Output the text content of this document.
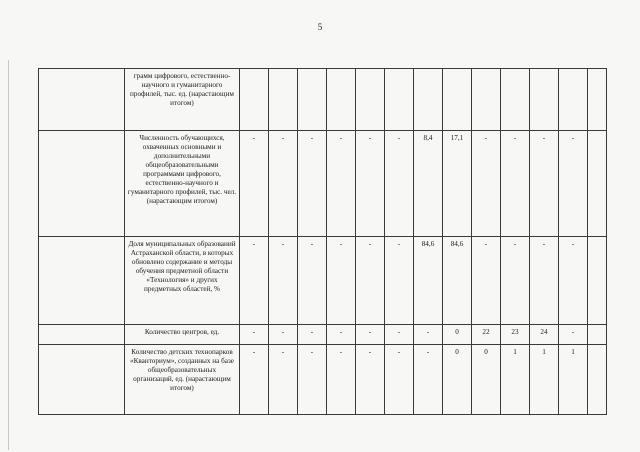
5
	грамм цифрового, естественно-научного и гуманитарного профилей, тыс. ед. (нарастающим итогом)													
	Численность обучающихся, охваченных основными и дополнительными общеобразовательными программами цифрового, естественно-научного и гуманитарного профилей, тыс. чел. (нарастающим итогом)	-	-	-	-	-	-	8,4	17,1	-	-	-	-	
	Доля муниципальных образований Астраханской области, в которых обновлено содержание и методы обучения предметной области «Технология» и других предметных областей, %	-	-	-	-	-	-	84,6	84,6	-	-	-	-	
	Количество центров, ед.	-	-	-	-	-	-	-	0	22	23	24	-	
	Количество детских технопарков «Кванториум», созданных на базе общеобразовательных организаций, ед. (нарастающим итогом)	-	-	-	-	-	-	-	0	0	1	1	1	
